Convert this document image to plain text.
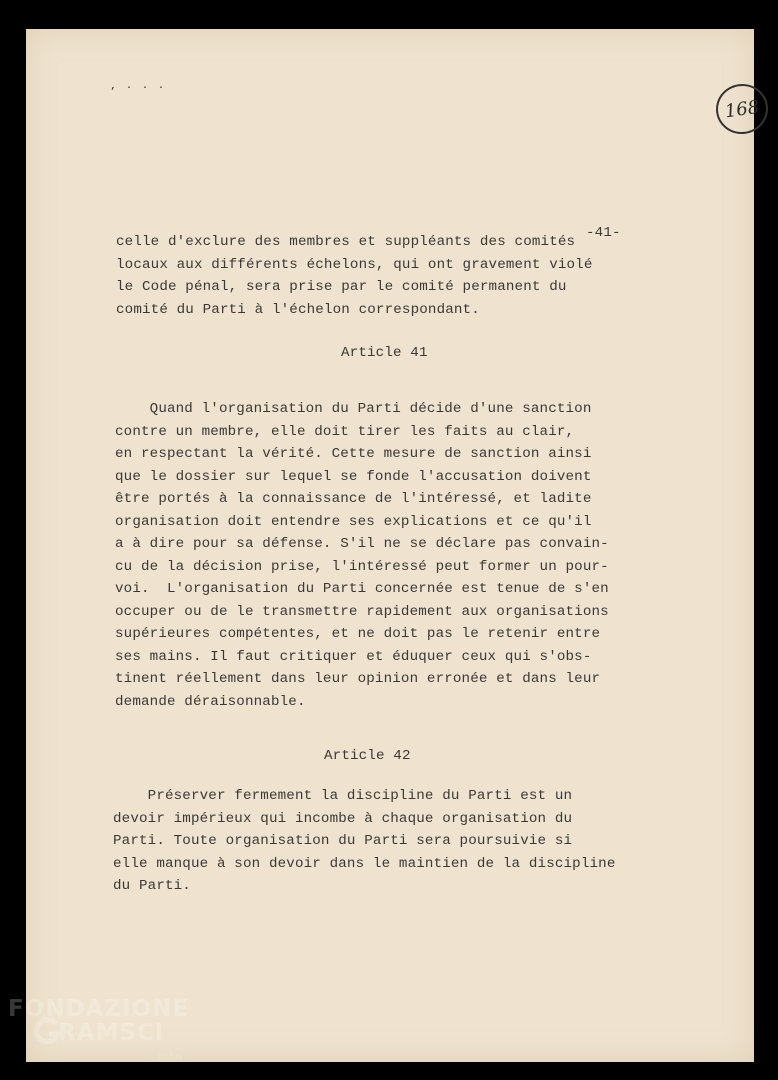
‚ . . .
168
-41-
celle d'exclure des membres et suppléants des comités
locaux aux différents échelons, qui ont gravement violé
le Code pénal, sera prise par le comité permanent du
comité du Parti à l'échelon correspondant.
Article 41
Quand l'organisation du Parti décide d'une sanction
contre un membre, elle doit tirer les faits au clair,
en respectant la vérité. Cette mesure de sanction ainsi
que le dossier sur lequel se fonde l'accusation doivent
être portés à la connaissance de l'intéressé, et ladite
organisation doit entendre ses explications et ce qu'il
a à dire pour sa défense. S'il ne se déclare pas convain-
cu de la décision prise, l'intéressé peut former un pour-
voi.  L'organisation du Parti concernée est tenue de s'en
occuper ou de le transmettre rapidement aux organisations
supérieures compétentes, et ne doit pas le retenir entre
ses mains. Il faut critiquer et éduquer ceux qui s'obs-
tinent réellement dans leur opinion erronée et dans leur
demande déraisonnable.
Article 42
Préserver fermement la discipline du Parti est un
devoir impérieux qui incombe à chaque organisation du
Parti. Toute organisation du Parti sera poursuivie si
elle manque à son devoir dans le maintien de la discipline
du Parti.
FONDAZIONE
RAMSCI
onlus
